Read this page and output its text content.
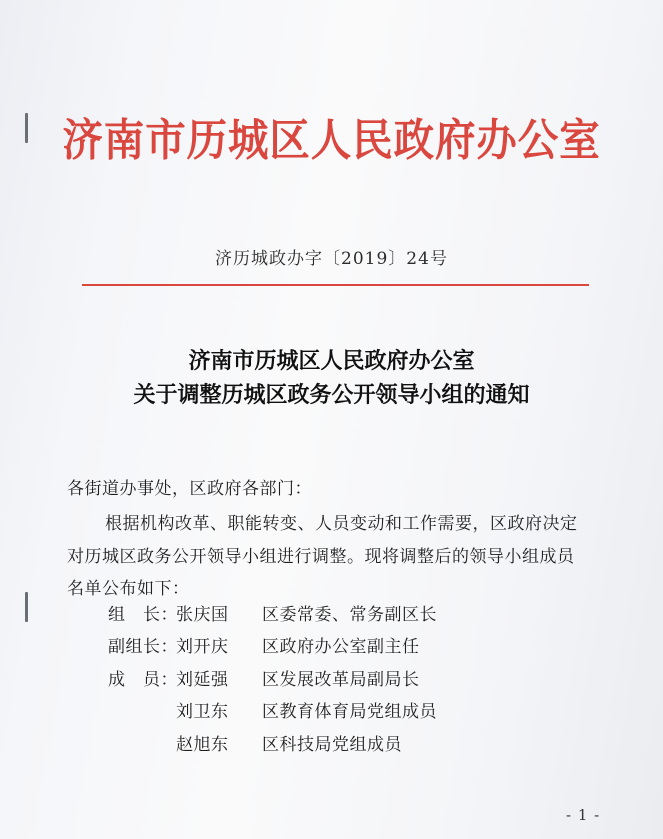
济南市历城区人民政府办公室
济历城政办字〔2019〕24号
济南市历城区人民政府办公室
关于调整历城区政务公开领导小组的通知
各街道办事处，区政府各部门：
根据机构改革、职能转变、人员变动和工作需要，区政府决定
对历城区政务公开领导小组进行调整。现将调整后的领导小组成员
名单公布如下：
组　长：
张庆国 区委常委、常务副区长
副组长：
刘开庆 区政府办公室副主任
成　员：
刘延强 区发展改革局副局长
刘卫东 区教育体育局党组成员
赵旭东 区科技局党组成员
- 1 -
